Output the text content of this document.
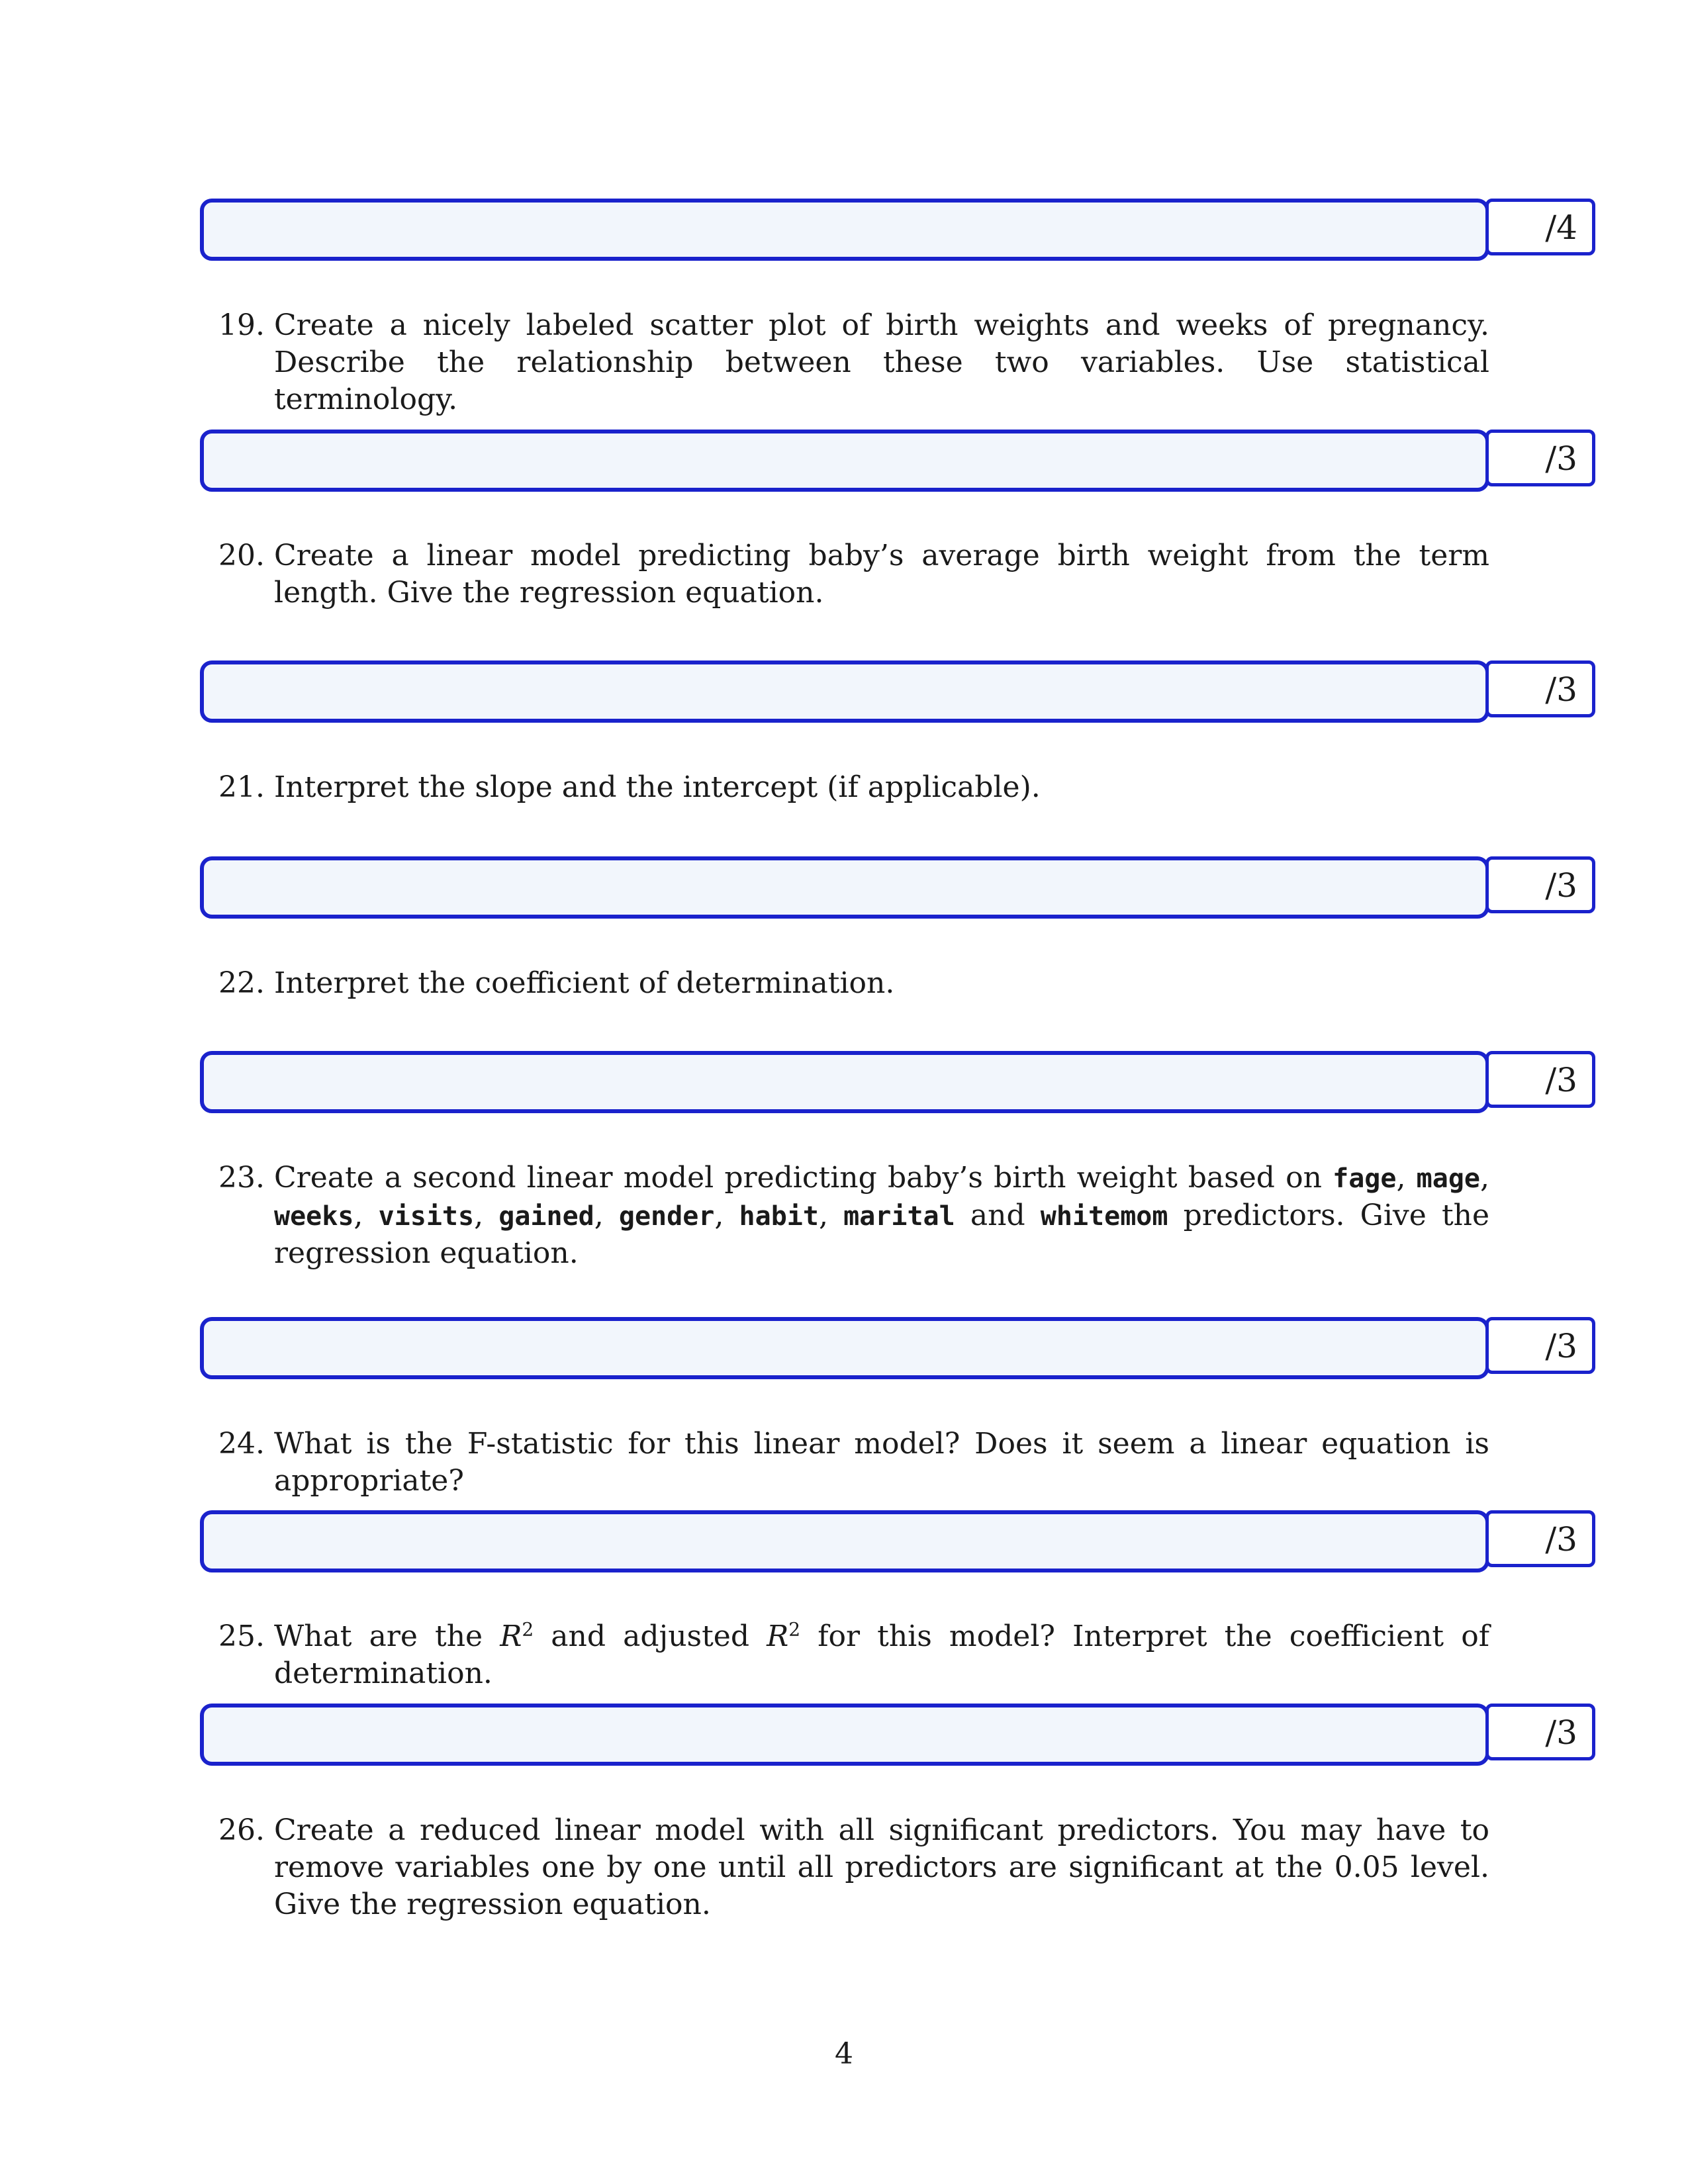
/4
19. Create a nicely labeled scatter plot of birth weights and weeks of pregnancy. Describe the relationship between these two variables. Use statistical terminology.
/3
20. Create a linear model predicting baby’s average birth weight from the term length. Give the regression equation.
/3
21. Interpret the slope and the intercept (if applicable).
/3
22. Interpret the coefficient of determination.
/3
23. Create a second linear model predicting baby’s birth weight based on fage, mage, weeks, visits, gained, gender, habit, marital and whitemom predictors. Give the regression equation.
/3
24. What is the F-statistic for this linear model? Does it seem a linear equation is appropriate?
/3
25. What are the $R^2$ and adjusted $R^2$ for this model? Interpret the coefficient of determination.
/3
26. Create a reduced linear model with all significant predictors. You may have to remove variables one by one until all predictors are significant at the 0.05 level. Give the regression equation.
4
